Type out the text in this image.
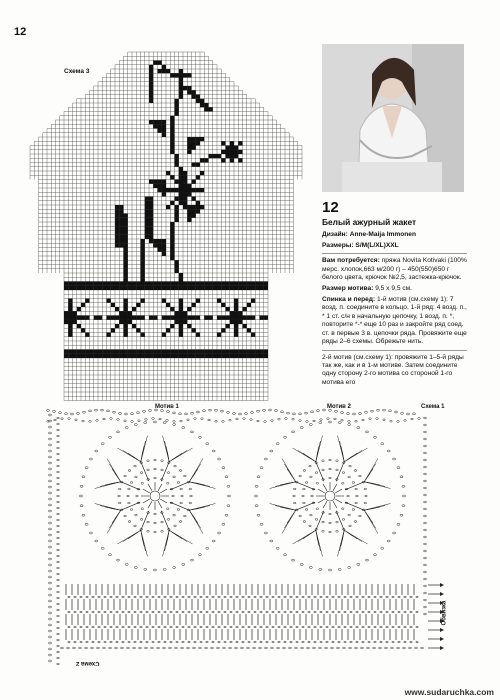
12
Схема 3
12
Белый ажурный жакет

Дизайн: Anne-Maija Immonen

Размеры: S/M(L/XL)XXL

Вам потребуется: пряжа Novita Kotivaki (100% мерс. хлопок,663 м/200 г) – 450(550)650 г белого цвета, крючок №2,5, застежка-крючок.

Размер мотива: 9,5 х 9,5 см.

Спинка и перед: 1-й мотив (см.схему 1): 7 возд. п. соедините в кольцо, 1-й ряд: 4 возд. п., * 1 ст. с/н в начальную цепочку, 1 возд. п. *, повторите *-* еще 10 раз и закройте ряд соед. ст. в первые 3 в. цепочки ряда. Провяжите еще ряды 2–6 схемы. Обрежьте нить.

2-й мотив (см.схему 1): провяжите 1–5-й ряды так же, как и в 1-м мотиве. Затем соедините одну сторону 2-го мотива со стороной 1-го мотива его

Мотив 1	Мотив 2	Схема 1
Схема 2
Обвязка
www.sudaruchka.com
